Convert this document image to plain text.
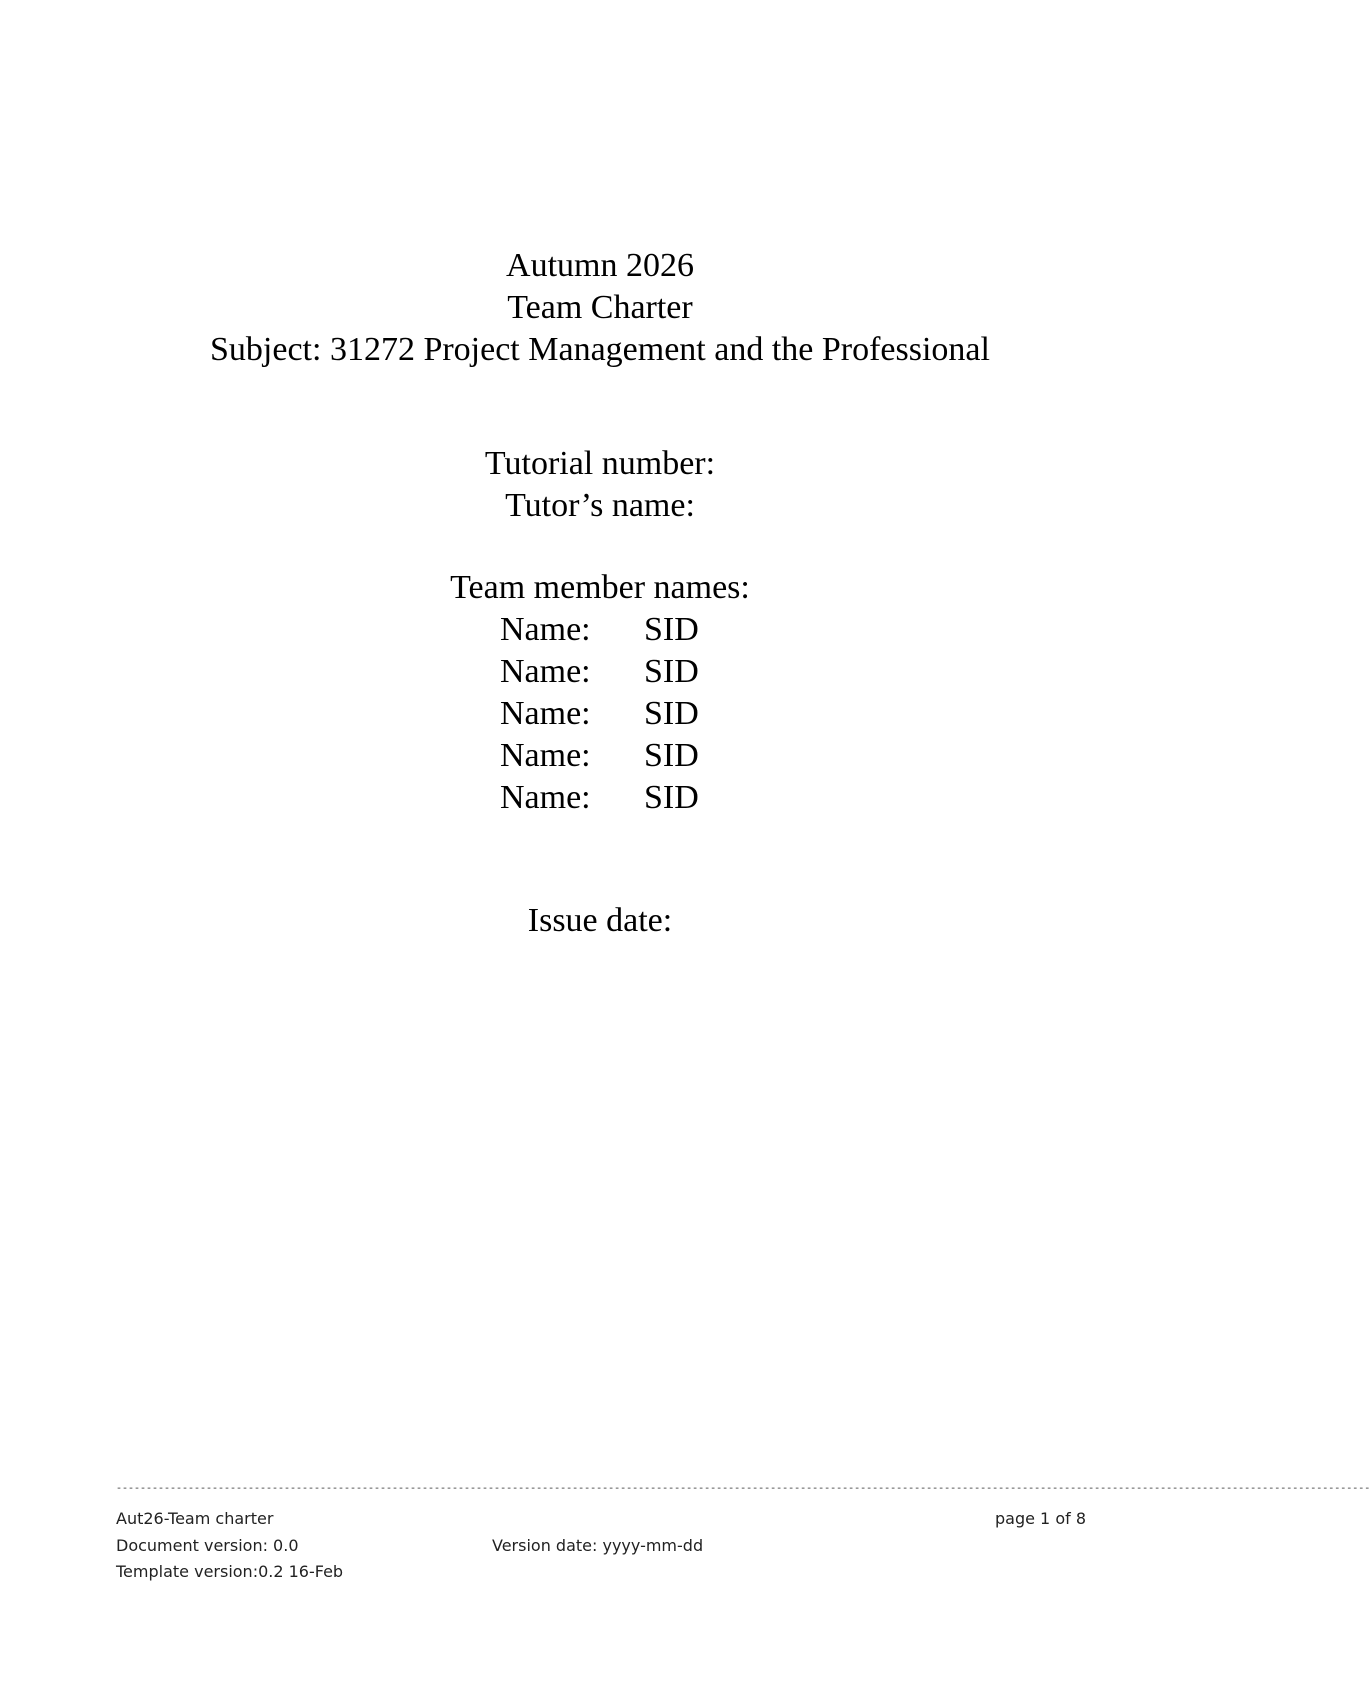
Autumn 2026
Team Charter
Subject: 31272 Project Management and the Professional
Tutorial number:
Tutor’s name:
Team member names:
Name:	SID
Name:	SID
Name:	SID
Name:	SID
Name:	SID
Issue date:
-----------------------------------------------------------------------------------------------------------------------------------------------------------------------------------------------------------------
Aut26-Team charter	page 1 of 8
Document version: 0.0	Version date: yyyy-mm-dd
Template version:0.2 16-Feb
